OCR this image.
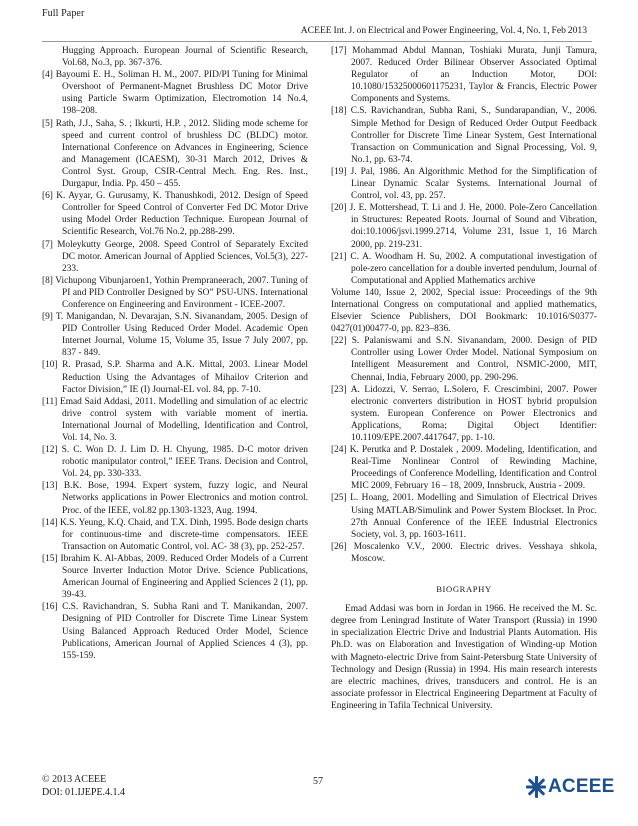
Full Paper
ACEEE Int. J. on Electrical and Power Engineering, Vol. 4, No. 1, Feb 2013

Hugging Approach. European Journal of Scientific Research, Vol.68, No.3, pp. 367-376.

[4] Bayoumi E. H., Soliman H. M., 2007. PID/PI Tuning for Minimal Overshoot of Permanent-Magnet Brushless DC Motor Drive using Particle Swarm Optimization, Electromotion 14 No.4, 198–208.

[5] Rath, J.J., Saha, S. ; Ikkurti, H.P. , 2012. Sliding mode scheme for speed and current control of brushless DC (BLDC) motor. International Conference on Advances in Engineering, Science and Management (ICAESM), 30-31 March 2012, Drives & Control Syst. Group, CSIR-Central Mech. Eng. Res. Inst., Durgapur, India. Pp. 450 – 455.

[6] K. Ayyar, G. Gurusamy, K. Thanushkodi, 2012. Design of Speed Controller for Speed Control of Converter Fed DC Motor Drive using Model Order Reduction Technique. European Journal of Scientific Research, Vol.76 No.2, pp.288-299.

[7] Moleykutty George, 2008. Speed Control of Separately Excited DC motor. American Journal of Applied Sciences, Vol.5(3), 227-233.

[8] Vichupong Vibunjaroen1, Yothin Prempraneerach, 2007. Tuning of PI and PID Controller Designed by SO” PSU-UNS. International Conference on Engineering and Environment - ICEE-2007.

[9] T. Manigandan, N. Devarajan, S.N. Sivanandam, 2005. Design of PID Controller Using Reduced Order Model. Academic Open Internet Journal, Volume 15, Volume 35, Issue 7 July 2007, pp. 837 - 849.

[10] R. Prasad, S.P. Sharma and A.K. Mittal, 2003. Linear Model Reduction Using the Advantages of Mihailov Criterion and Factor Division,” IE (I) Journal-EL vol. 84, pp. 7-10.

[11] Emad Said Addasi, 2011. Modelling and simulation of ac electric drive control system with variable moment of inertia. International Journal of Modelling, Identification and Control, Vol. 14, No. 3.

[12] S. C. Won D. J. Lim D. H. Chyung, 1985. D-C motor driven robotic manipulator control,” IEEE Trans. Decision and Control, Vol. 24, pp. 330-333.

[13] B.K. Bose, 1994. Expert system, fuzzy logic, and Neural Networks applications in Power Electronics and motion control. Proc. of the IEEE, vol.82 pp.1303-1323, Aug. 1994.

[14] K.S. Yeung, K.Q. Chaid, and T.X. Dinh, 1995. Bode design charts for continuous-time and discrete-time compensators. IEEE Transaction on Automatic Control, vol. AC- 38 (3), pp. 252-257.

[15] Ibrahim K. Al-Abbas, 2009. Reduced Order Models of a Current Source Inverter Induction Motor Drive. Science Publications, American Journal of Engineering and Applied Sciences 2 (1), pp. 39-43.

[16] C.S. Ravichandran, S. Subha Rani and T. Manikandan, 2007. Designing of PID Controller for Discrete Time Linear System Using Balanced Approach Reduced Order Model, Science Publications, American Journal of Applied Sciences 4 (3), pp. 155-159.

[17] Mohammad Abdul Mannan, Toshiaki Murata, Junji Tamura, 2007. Reduced Order Bilinear Observer Associated Optimal Regulator of an Induction Motor, DOI: 10.1080/15325000601175231, Taylor & Francis, Electric Power Components and Systems.

[18] C.S. Ravichandran, Subha Rani, S., Sundarapandian, V., 2006. Simple Method for Design of Reduced Order Output Feedback Controller for Discrete Time Linear System, Gest International Transaction on Communication and Signal Processing, Vol. 9, No.1, pp. 63-74.

[19] J. Pal, 1986. An Algorithmic Method for the Simplification of Linear Dynamic Scalar Systems. International Journal of Control, vol. 43, pp. 257.

[20] J. E. Mottershead, T. Li and J. He, 2000. Pole-Zero Cancellation in Structures: Repeated Roots. Journal of Sound and Vibration, doi:10.1006/jsvi.1999.2714, Volume 231, Issue 1, 16 March 2000, pp. 219-231.

[21] C. A. Woodham H. Su, 2002. A computational investigation of pole-zero cancellation for a double inverted pendulum, Journal of Computational and Applied Mathematics archive

Volume 140, Issue 2, 2002, Special issue: Proceedings of the 9th International Congress on computational and applied mathematics, Elsevier Science Publishers, DOI Bookmark: 10.1016/S0377-0427(01)00477-0, pp. 823–836.

[22] S. Palaniswami and S.N. Sivanandam, 2000. Design of PID Controller using Lower Order Model. National Symposium on Intelligent Measurement and Control, NSMIC-2000, MIT, Chennai, India, February 2000, pp. 290-296.

[23] A. Lidozzi, V. Serrao, L.Solero, F. Crescimbini, 2007. Power electronic converters distribution in HOST hybrid propulsion system. European Conference on Power Electronics and Applications, Roma; Digital Object Identifier: 10.1109/EPE.2007.4417647, pp. 1-10.

[24] K. Perutka and P. Dostalek , 2009. Modeling, Identification, and Real-Time Nonlinear Control of Rewinding Machine, Proceedings of Conference Modelling, Identification and Control MIC 2009, February 16 – 18, 2009, Innsbruck, Austria - 2009.

[25] L. Hoang, 2001. Modelling and Simulation of Electrical Drives Using MATLAB/Simulink and Power System Blockset. In Proc. 27th Annual Conference of the IEEE Industrial Electronics Society, vol. 3, pp. 1603-1611.

[26] Moscalenko V.V., 2000. Electric drives. Vesshaya shkola, Moscow.

BIOGRAPHY

Emad Addasi was born in Jordan in 1966. He received the M. Sc. degree from Leningrad Institute of Water Transport (Russia) in 1990 in specialization Electric Drive and Industrial Plants Automation. His Ph.D. was on Elaboration and Investigation of Winding-up Motion with Magneto-electric Drive from Saint-Petersburg State University of Technology and Design (Russia) in 1994. His main research interests are electric machines, drives, transducers and control. He is an associate professor in Electrical Engineering Department at Faculty of Engineering in Tafila Technical University.

© 2013 ACEEE
DOI: 01.IJEPE.4.1.4
57	ACEEE
